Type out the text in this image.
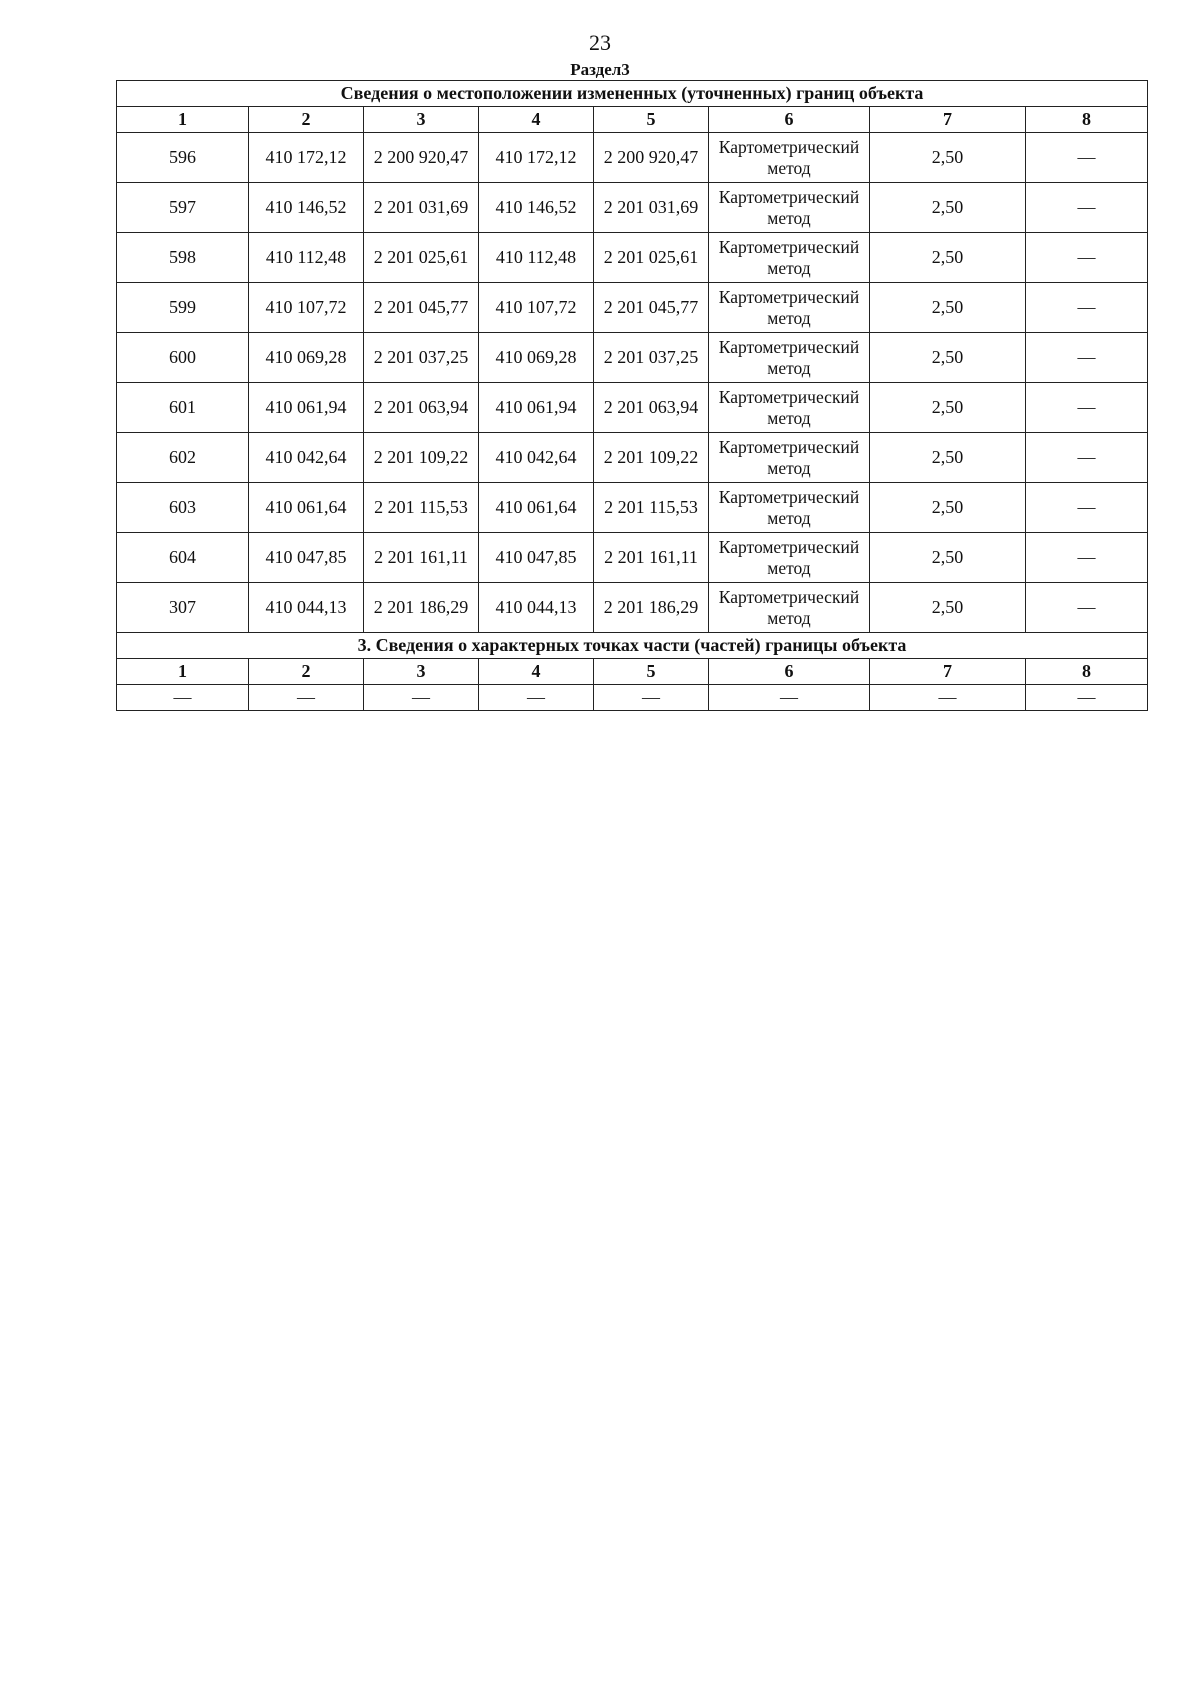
23
Раздел3
Сведения о местоположении измененных (уточненных) границ объекта							
1	2	3	4	5	6	7	8
596	410 172,12	2 200 920,47	410 172,12	2 200 920,47	Картометрический метод	2,50	—
597	410 146,52	2 201 031,69	410 146,52	2 201 031,69	Картометрический метод	2,50	—
598	410 112,48	2 201 025,61	410 112,48	2 201 025,61	Картометрический метод	2,50	—
599	410 107,72	2 201 045,77	410 107,72	2 201 045,77	Картометрический метод	2,50	—
600	410 069,28	2 201 037,25	410 069,28	2 201 037,25	Картометрический метод	2,50	—
601	410 061,94	2 201 063,94	410 061,94	2 201 063,94	Картометрический метод	2,50	—
602	410 042,64	2 201 109,22	410 042,64	2 201 109,22	Картометрический метод	2,50	—
603	410 061,64	2 201 115,53	410 061,64	2 201 115,53	Картометрический метод	2,50	—
604	410 047,85	2 201 161,11	410 047,85	2 201 161,11	Картометрический метод	2,50	—
307	410 044,13	2 201 186,29	410 044,13	2 201 186,29	Картометрический метод	2,50	—
3. Сведения о характерных точках части (частей) границы объекта							
1	2	3	4	5	6	7	8
—	—	—	—	—	—	—	—
